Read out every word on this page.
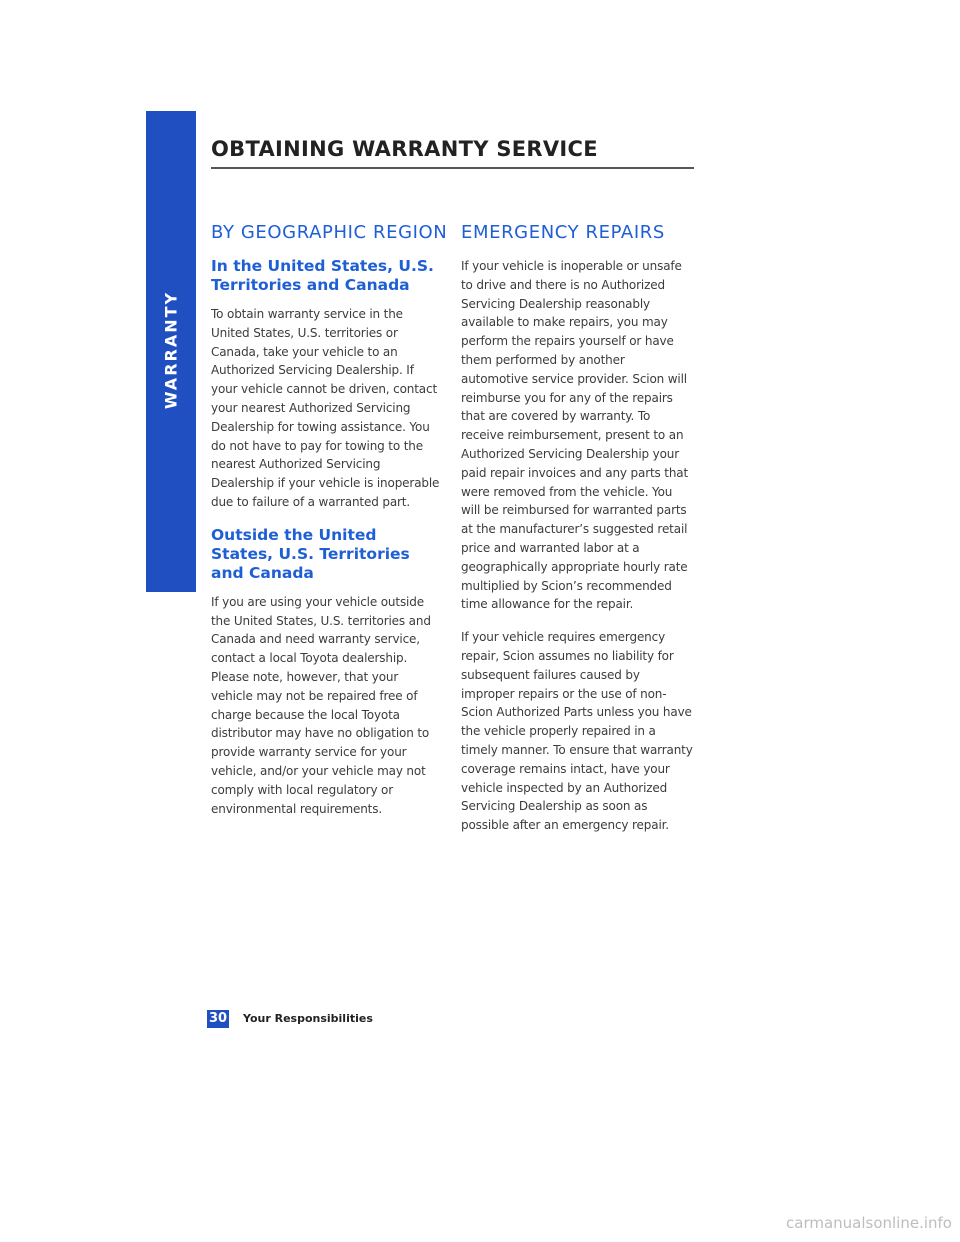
WARRANTY
OBTAINING WARRANTY SERVICE
BY GEOGRAPHIC REGION
In the United States, U.S. Territories and Canada

To obtain warranty service in the United States, U.S. territories or Canada, take your vehicle to an Authorized Servicing Dealership. If your vehicle cannot be driven, contact your nearest Authorized Servicing Dealership for towing assistance. You do not have to pay for towing to the nearest Authorized Servicing Dealership if your vehicle is inoperable due to failure of a warranted part.

Outside the United States, U.S. Territories and Canada

If you are using your vehicle outside the United States, U.S. territories and Canada and need warranty service, contact a local Toyota dealership. Please note, however, that your vehicle may not be repaired free of charge because the local Toyota distributor may have no obligation to provide warranty service for your vehicle, and/or your vehicle may not comply with local regulatory or environmental requirements.

EMERGENCY REPAIRS

If your vehicle is inoperable or unsafe to drive and there is no Authorized Servicing Dealership reasonably available to make repairs, you may perform the repairs yourself or have them performed by another automotive service provider. Scion will reimburse you for any of the repairs that are covered by warranty. To receive reimbursement, present to an Authorized Servicing Dealership your paid repair invoices and any parts that were removed from the vehicle. You will be reimbursed for warranted parts at the manufacturer’s suggested retail price and warranted labor at a geographically appropriate hourly rate multiplied by Scion’s recommended time allowance for the repair.

If your vehicle requires emergency repair, Scion assumes no liability for subsequent failures caused by improper repairs or the use of non-Scion Authorized Parts unless you have the vehicle properly repaired in a timely manner. To ensure that warranty coverage remains intact, have your vehicle inspected by an Authorized Servicing Dealership as soon as possible after an emergency repair.

30 Your Responsibilities
carmanualsonline.info
